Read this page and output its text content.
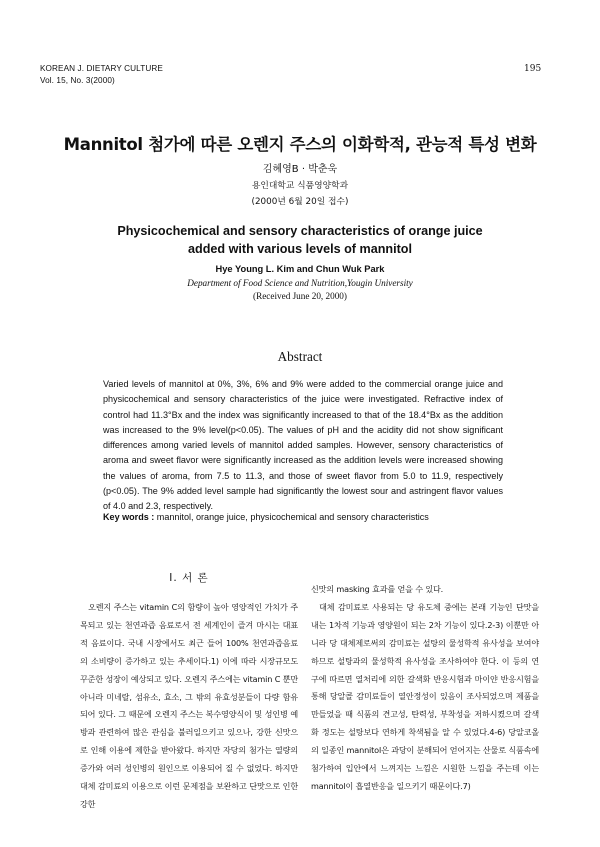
KOREAN J. DIETARY CULTURE
Vol. 15, No. 3(2000)
195
Mannitol 첨가에 따른 오렌지 주스의 이화학적, 관능적 특성 변화
김혜영B · 박춘욱
용인대학교 식품영양학과
(2000년 6월 20일 접수)
Physicochemical and sensory characteristics of orange juice
added with various levels of mannitol
Hye Young L. Kim and Chun Wuk Park
Department of Food Science and Nutrition,Yougin University
(Received June 20, 2000)
Abstract
Varied levels of mannitol at 0%, 3%, 6% and 9% were added to the commercial orange juice and physicochemical and sensory characteristics of the juice were investigated. Refractive index of control had 11.3°Bx and the index was significantly increased to that of the 18.4°Bx as the addition was increased to the 9% level(p<0.05). The values of pH and the acidity did not show significant differences among varied levels of mannitol added samples. However, sensory characteristics of aroma and sweet flavor were significantly increased as the addition levels were increased showing the values of aroma, from 7.5 to 11.3, and those of sweet flavor from 5.0 to 11.9, respectively (p<0.05). The 9% added level sample had significantly the lowest sour and astringent flavor values of 4.0 and 2.3, respectively.
Key words : mannitol, orange juice, physicochemical and sensory characteristics
I. 서 론

오렌지 주스는 vitamin C의 함량이 높아 영양적인 가치가 주목되고 있는 천연과즙 음료로서 전 세계인이 즐겨 마시는 대표적 음료이다. 국내 시장에서도 최근 들어 100% 천연과즙음료의 소비량이 증가하고 있는 추세이다.1) 이에 따라 시장규모도 꾸준한 성장이 예상되고 있다. 오렌지 주스에는 vitamin C 뿐만 아니라 미네랄, 섬유소, 효소, 그 밖의 유효성분들이 다량 함유되어 있다. 그 때문에 오렌지 주스는 복수영양식이 및 성인병 예방과 관련하여 많은 관심을 불러일으키고 있으나, 강한 신맛으로 인해 이용에 제한을 받아왔다. 하지만 자당의 첨가는 열량의 증가와 여러 성인병의 원인으로 이용되어 질 수 없었다. 하지만 대체 감미료의 이용으로 이런 문제점을 보완하고 단맛으로 인한 강한

신맛의 masking 효과를 얻을 수 있다.

대체 감미료로 사용되는 당 유도체 중에는 본래 기능인 단맛을 내는 1차적 기능과 영양원이 되는 2차 기능이 있다.2-3) 이뿐만 아니라 당 대체제로써의 감미료는 설탕의 물성학적 유사성을 보여야 하므로 설탕과의 물성학적 유사성을 조사하여야 한다. 이 등의 연구에 따르면 열처리에 의한 갈색화 반응시험과 마이얀 반응시험을 통해 당알콜 감미료들이 열안정성이 있음이 조사되었으며 제품을 만들었을 때 식품의 견고성, 탄력성, 부착성을 저하시켰으며 갈색화 정도는 설탕보다 연하게 착색됨을 알 수 있었다.4-6) 당알코올의 일종인 mannitol은 과당이 분해되어 얻어지는 산물로 식품속에 첨가하여 입안에서 느껴지는 느낌은 시원한 느낌을 주는데 이는 mannitol이 흡열반응을 일으키기 때문이다.7)
